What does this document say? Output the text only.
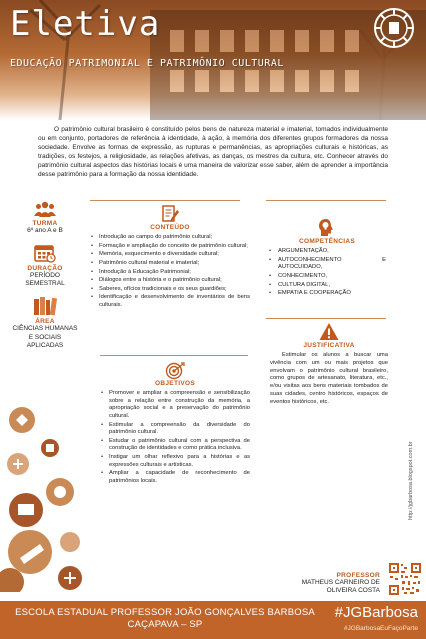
Eletiva
EDUCAÇÃO PATRIMONIAL E PATRIMÔNIO CULTURAL

O patrimônio cultural brasileiro é constituído pelos bens de natureza material e imaterial, tomados individualmente ou em conjunto, portadores de referência à identidade, à ação, à memória dos diferentes grupos formadores da nossa sociedade. Envolve as formas de expressão, as rupturas e permanências, as apropriações culturais e históricas, as tradições, os festejos, a religiosidade, as relações afetivas, as danças, os mestres da cultura, etc. Conhecer através do patrimônio cultural aspectos das histórias locais é uma maneira de valorizar esse saber, além de aprender a importância desse patrimônio para a formação da nossa identidade.

TURMA
6º ano A e B
DURAÇÃO
PERÍODO SEMESTRAL
ÁREA
CIÊNCIAS HUMANAS E SOCIAIS APLICADAS
CONTEÚDO
• Introdução ao campo do patrimônio cultural;
• Formação e ampliação do conceito de patrimônio cultural;
• Memória, esquecimento e diversidade cultural;
• Patrimônio cultural material e imaterial;
• Introdução à Educação Patrimonial;
• Diálogos entre a história e o patrimônio cultural;
• Saberes, ofícios tradicionais e os seus guardiões;
• Identificação e desenvolvimento de inventários de bens culturais.
OBJETIVOS
• Promover e ampliar a compreensão e sensibilização sobre a relação entre construção da memória, a apropriação social e a preservação do patrimônio cultural.
• Estimular a compreensão da diversidade do patrimônio cultural.
• Estudar o patrimônio cultural com a perspectiva de construção de identidades e como prática inclusiva.
• Instigar um olhar reflexivo para a histórias e as expressões culturais e artísticas.
• Ampliar a capacidade de reconhecimento de patrimônios locais.
COMPETÊNCIAS
• ARGUMENTAÇÃO,
• AUTOCONHECIMENTO E AUTOCUIDADO,
• CONHECIMENTO,
• CULTURA DIGITAL,
• EMPATIA E COOPERAÇÃO
JUSTIFICATIVA

Estimular os alunos a buscar uma vivência com um ou mais projetos que envolvam o patrimônio cultural brasileiro, como grupos de artesanato, literatura, etc., e/ou visitas aos bens materiais tombados de suas cidades, centro históricos, espaços de eventos históricos, etc.

http://jgbarbosa.blogspot.com.br
PROFESSOR
MATHEUS CARNEIRO DE OLIVEIRA COSTA
ESCOLA ESTADUAL PROFESSOR JOÃO GONÇALVES BARBOSA
CAÇAPAVA – SP
#JGBarbosa
#JGBarbosaEuFaçoParte
